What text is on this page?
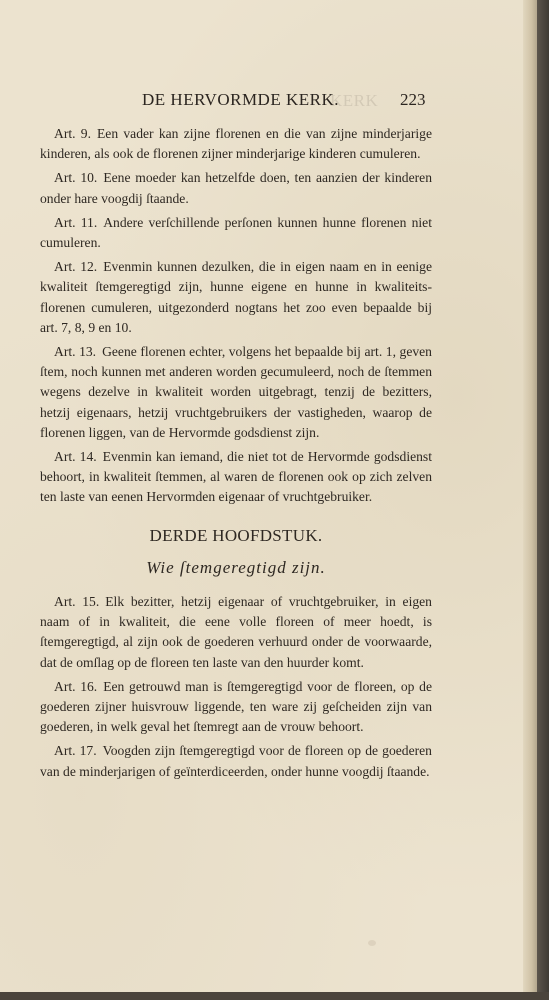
DE HERVORMDE KERK.
KERK 223

Art. 9. Een vader kan zijne florenen en die van zijne minderjarige kinderen, als ook de florenen zijner minderjarige kinderen cumuleren.

Art. 10. Eene moeder kan hetzelfde doen, ten aanzien der kinderen onder hare voogdij ſtaande.

Art. 11. Andere verſchillende perſonen kunnen hunne florenen niet cumuleren.

Art. 12. Evenmin kunnen dezulken, die in eigen naam en in eenige kwaliteit ſtemgeregtigd zijn, hunne eigene en hunne in kwaliteits-florenen cumuleren, uitgezonderd nogtans het zoo even bepaalde bij art. 7, 8, 9 en 10.

Art. 13. Geene florenen echter, volgens het bepaalde bij art. 1, geven ſtem, noch kunnen met anderen worden gecumuleerd, noch de ſtemmen wegens dezelve in kwaliteit worden uitgebragt, tenzij de bezitters, hetzij eigenaars, hetzij vruchtgebruikers der vastigheden, waarop de florenen liggen, van de Hervormde godsdienst zijn.

Art. 14. Evenmin kan iemand, die niet tot de Hervormde godsdienst behoort, in kwaliteit ſtemmen, al waren de florenen ook op zich zelven ten laste van eenen Hervormden eigenaar of vruchtgebruiker.

DERDE HOOFDSTUK.
Wie ſtemgeregtigd zijn.

Art. 15. Elk bezitter, hetzij eigenaar of vruchtgebruiker, in eigen naam of in kwaliteit, die eene volle floreen of meer hoedt, is ſtemgeregtigd, al zijn ook de goederen verhuurd onder de voorwaarde, dat de omſlag op de floreen ten laste van den huurder komt.

Art. 16. Een getrouwd man is ſtemgeregtigd voor de floreen, op de goederen zijner huisvrouw liggende, ten ware zij geſcheiden zijn van goederen, in welk geval het ſtemregt aan de vrouw behoort.

Art. 17. Voogden zijn ſtemgeregtigd voor de floreen op de goederen van de minderjarigen of geïnterdiceerden, onder hunne voogdij ſtaande.
